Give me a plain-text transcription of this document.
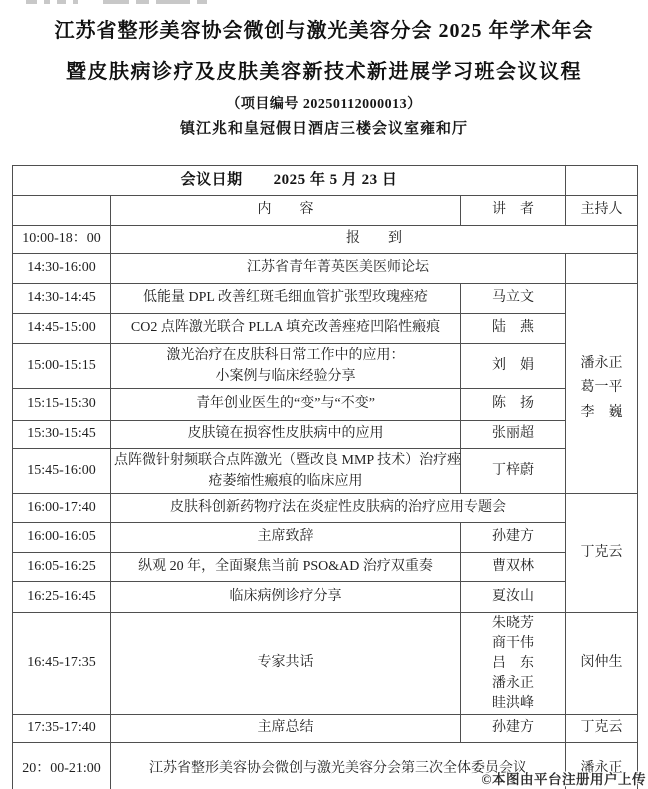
江苏省整形美容协会微创与激光美容分会 2025 年学术年会
暨皮肤病诊疗及皮肤美容新技术新进展学习班会议议程
（项目编号 20250112000013）
镇江兆和皇冠假日酒店三楼会议室雍和厅
会议日期　　2025 年 5 月 23 日			
	内　　容	讲　者	主持人
10:00-18：00	报　　到		
14:30-16:00	江苏省青年菁英医美医师论坛		
14:30-14:45	低能量 DPL 改善红斑毛细血管扩张型玫瑰痤疮	马立文	潘永正
葛一平
李　巍

14:45-15:00	CO2 点阵激光联合 PLLA 填充改善痤疮凹陷性瘢痕	陆　燕	
15:00-15:15	激光治疗在皮肤科日常工作中的应用：
小案例与临床经验分享	刘　娟	
15:15-15:30	青年创业医生的“变”与“不变”	陈　扬	
15:30-15:45	皮肤镜在损容性皮肤病中的应用	张丽超	
15:45-16:00	点阵微针射频联合点阵激光（暨改良 MMP 技术）治疗痤
疮萎缩性瘢痕的临床应用	丁梓蔚	
16:00-17:40	皮肤科创新药物疗法在炎症性皮肤病的治疗应用专题会		丁克云
16:00-16:05	主席致辞	孙建方	
16:05-16:25	纵观 20 年，全面聚焦当前 PSO&AD 治疗双重奏	曹双林	
16:25-16:45	临床病例诊疗分享	夏汝山	
16:45-17:35	专家共话	朱晓芳
商干伟
吕　东
潘永正
眭洪峰	闵仲生
17:35-17:40	主席总结	孙建方	丁克云
20：00-21:00	江苏省整形美容协会微创与激光美容分会第三次全体委员会议		潘永正
©本图由平台注册用户上传
